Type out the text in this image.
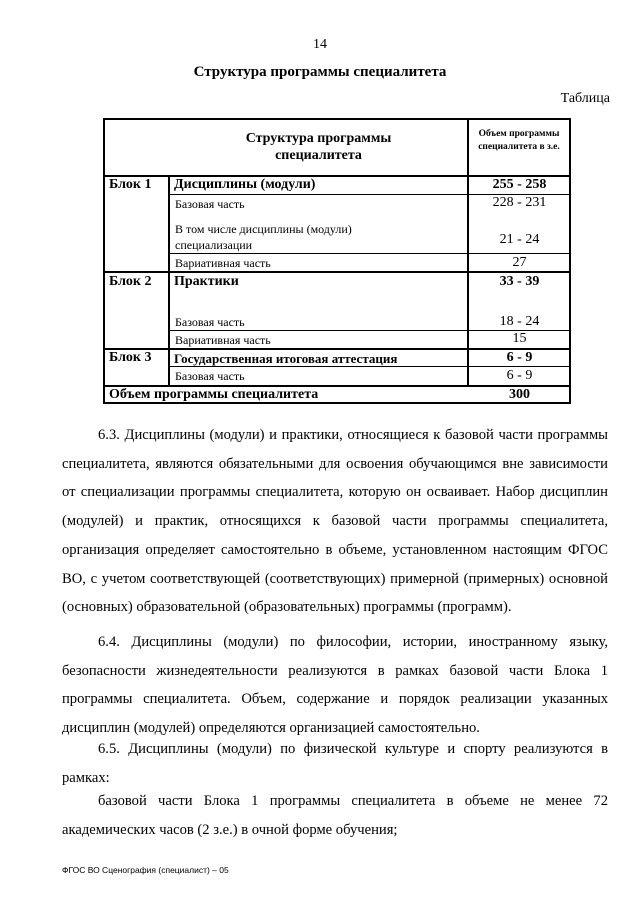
14
Структура программы специалитета
Таблица
Структура программы специалитета
Объем программы специалитета в з.е.
Блок 1 Дисциплины (модули)	255 - 258
Базовая часть	228 - 231
В том числе дисциплины (модули) специализации	21 - 24
Вариативная часть	27
Блок 2 Практики	33 - 39
Базовая часть	18 - 24
Вариативная часть	15
Блок 3 Государственная итоговая аттестация	6 - 9
Базовая часть	6 - 9
Объем программы специалитета	300
6.3. Дисциплины (модули) и практики, относящиеся к базовой части программы специалитета, являются обязательными для освоения обучающимся вне зависимости от специализации программы специалитета, которую он осваивает. Набор дисциплин (модулей) и практик, относящихся к базовой части программы специалитета, организация определяет самостоятельно в объеме, установленном настоящим ФГОС ВО, с учетом соответствующей (соответствующих) примерной (примерных) основной (основных) образовательной (образовательных) программы (программ).
6.4. Дисциплины (модули) по философии, истории, иностранному языку, безопасности жизнедеятельности реализуются в рамках базовой части Блока 1 программы специалитета. Объем, содержание и порядок реализации указанных дисциплин (модулей) определяются организацией самостоятельно.
6.5. Дисциплины (модули) по физической культуре и спорту реализуются в рамках:
базовой части Блока 1 программы специалитета в объеме не менее 72 академических часов (2 з.е.) в очной форме обучения;
ФГОС ВО Сценография (специалист) – 05
